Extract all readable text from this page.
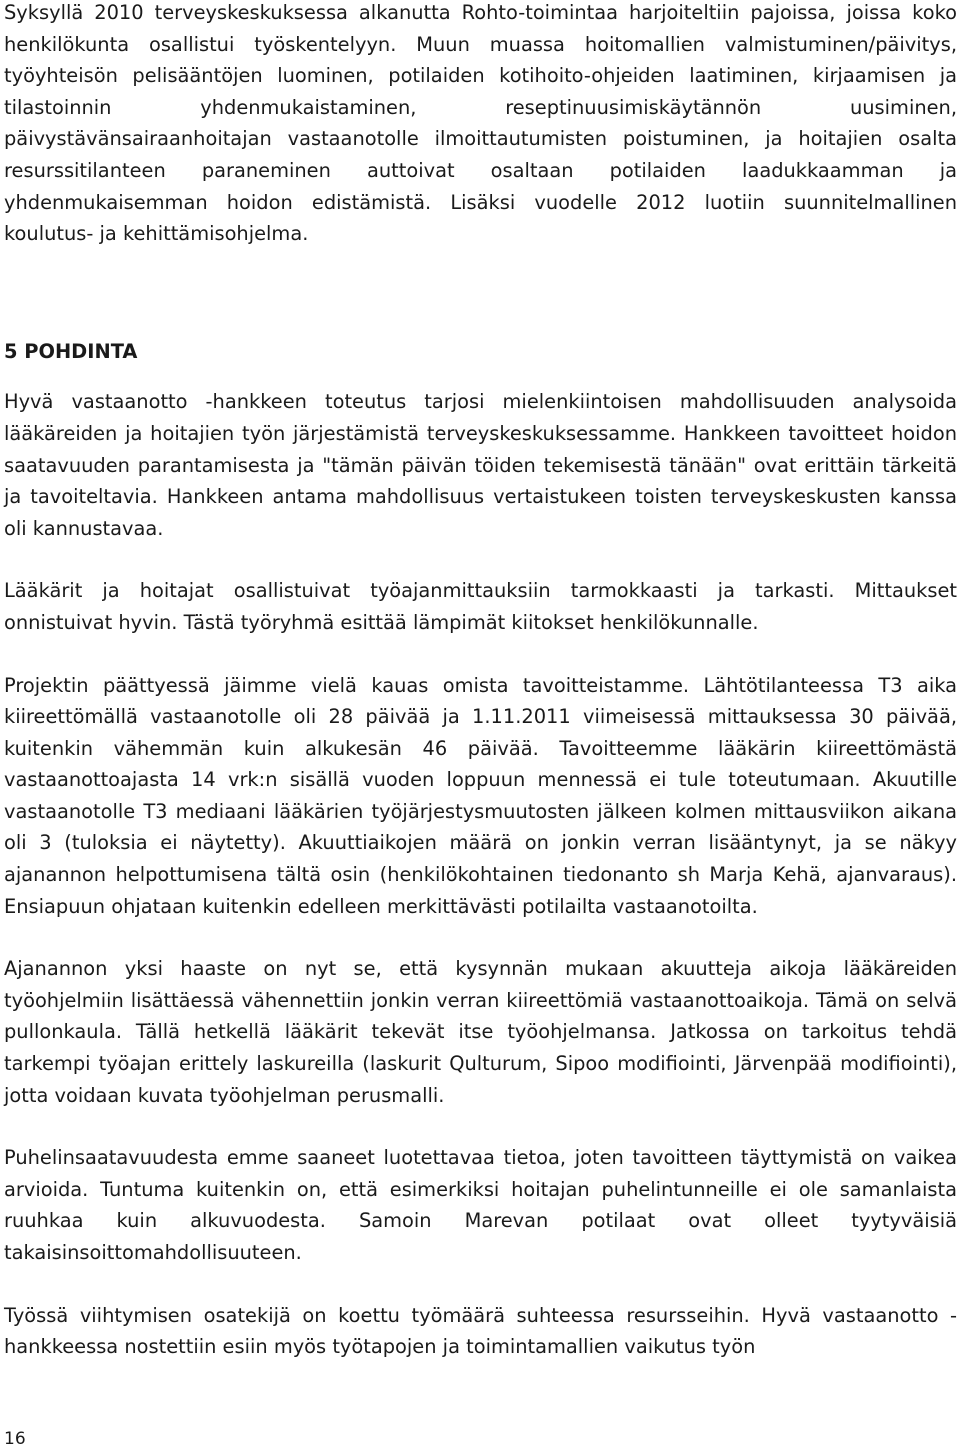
Syksyllä 2010 terveyskeskuksessa alkanutta Rohto-toimintaa harjoiteltiin pajoissa, joissa koko henkilökunta osallistui työskentelyyn. Muun muassa hoitomallien valmistuminen/päivitys, työyhteisön pelisääntöjen luominen, potilaiden kotihoito-ohjeiden laatiminen, kirjaamisen ja tilastoinnin yhdenmukaistaminen, reseptinuusimiskäytännön uusiminen, päivystävänsairaanhoitajan vastaanotolle ilmoittautumisten poistuminen, ja hoitajien osalta resurssitilanteen paraneminen auttoivat osaltaan potilaiden laadukkaamman ja yhdenmukaisemman hoidon edistämistä. Lisäksi vuodelle 2012 luotiin suunnitelmallinen koulutus- ja kehittämisohjelma.

5 POHDINTA

Hyvä vastaanotto -hankkeen toteutus tarjosi mielenkiintoisen mahdollisuuden analysoida lääkäreiden ja hoitajien työn järjestämistä terveyskeskuksessamme. Hankkeen tavoitteet hoidon saatavuuden parantamisesta ja "tämän päivän töiden tekemisestä tänään" ovat erittäin tärkeitä ja tavoiteltavia. Hankkeen antama mahdollisuus vertaistukeen toisten terveyskeskusten kanssa oli kannustavaa.

Lääkärit ja hoitajat osallistuivat työajanmittauksiin tarmokkaasti ja tarkasti. Mittaukset onnistuivat hyvin. Tästä työryhmä esittää lämpimät kiitokset henkilökunnalle.

Projektin päättyessä jäimme vielä kauas omista tavoitteistamme. Lähtötilanteessa T3 aika kiireettömällä vastaanotolle oli 28 päivää ja 1.11.2011 viimeisessä mittauksessa 30 päivää, kuitenkin vähemmän kuin alkukesän 46 päivää. Tavoitteemme lääkärin kiireettömästä vastaanottoajasta 14 vrk:n sisällä vuoden loppuun mennessä ei tule toteutumaan. Akuutille vastaanotolle T3 mediaani lääkärien työjärjestysmuutosten jälkeen kolmen mittausviikon aikana oli 3 (tuloksia ei näytetty). Akuuttiaikojen määrä on jonkin verran lisääntynyt, ja se näkyy ajanannon helpottumisena tältä osin (henkilökohtainen tiedonanto sh Marja Kehä, ajanvaraus). Ensiapuun ohjataan kuitenkin edelleen merkittävästi potilailta vastaanotoilta.

Ajanannon yksi haaste on nyt se, että kysynnän mukaan akuutteja aikoja lääkäreiden työohjelmiin lisättäessä vähennettiin jonkin verran kiireettömiä vastaanottoaikoja. Tämä on selvä pullonkaula. Tällä hetkellä lääkärit tekevät itse työohjelmansa. Jatkossa on tarkoitus tehdä tarkempi työajan erittely laskureilla (laskurit Qulturum, Sipoo modifiointi, Järvenpää modifiointi), jotta voidaan kuvata työohjelman perusmalli.

Puhelinsaatavuudesta emme saaneet luotettavaa tietoa, joten tavoitteen täyttymistä on vaikea arvioida. Tuntuma kuitenkin on, että esimerkiksi hoitajan puhelintunneille ei ole samanlaista ruuhkaa kuin alkuvuodesta. Samoin Marevan potilaat ovat olleet tyytyväisiä takaisinsoittomahdollisuuteen.

Työssä viihtymisen osatekijä on koettu työmäärä suhteessa resursseihin. Hyvä vastaanotto -hankkeessa nostettiin esiin myös työtapojen ja toimintamallien vaikutus työn

16
